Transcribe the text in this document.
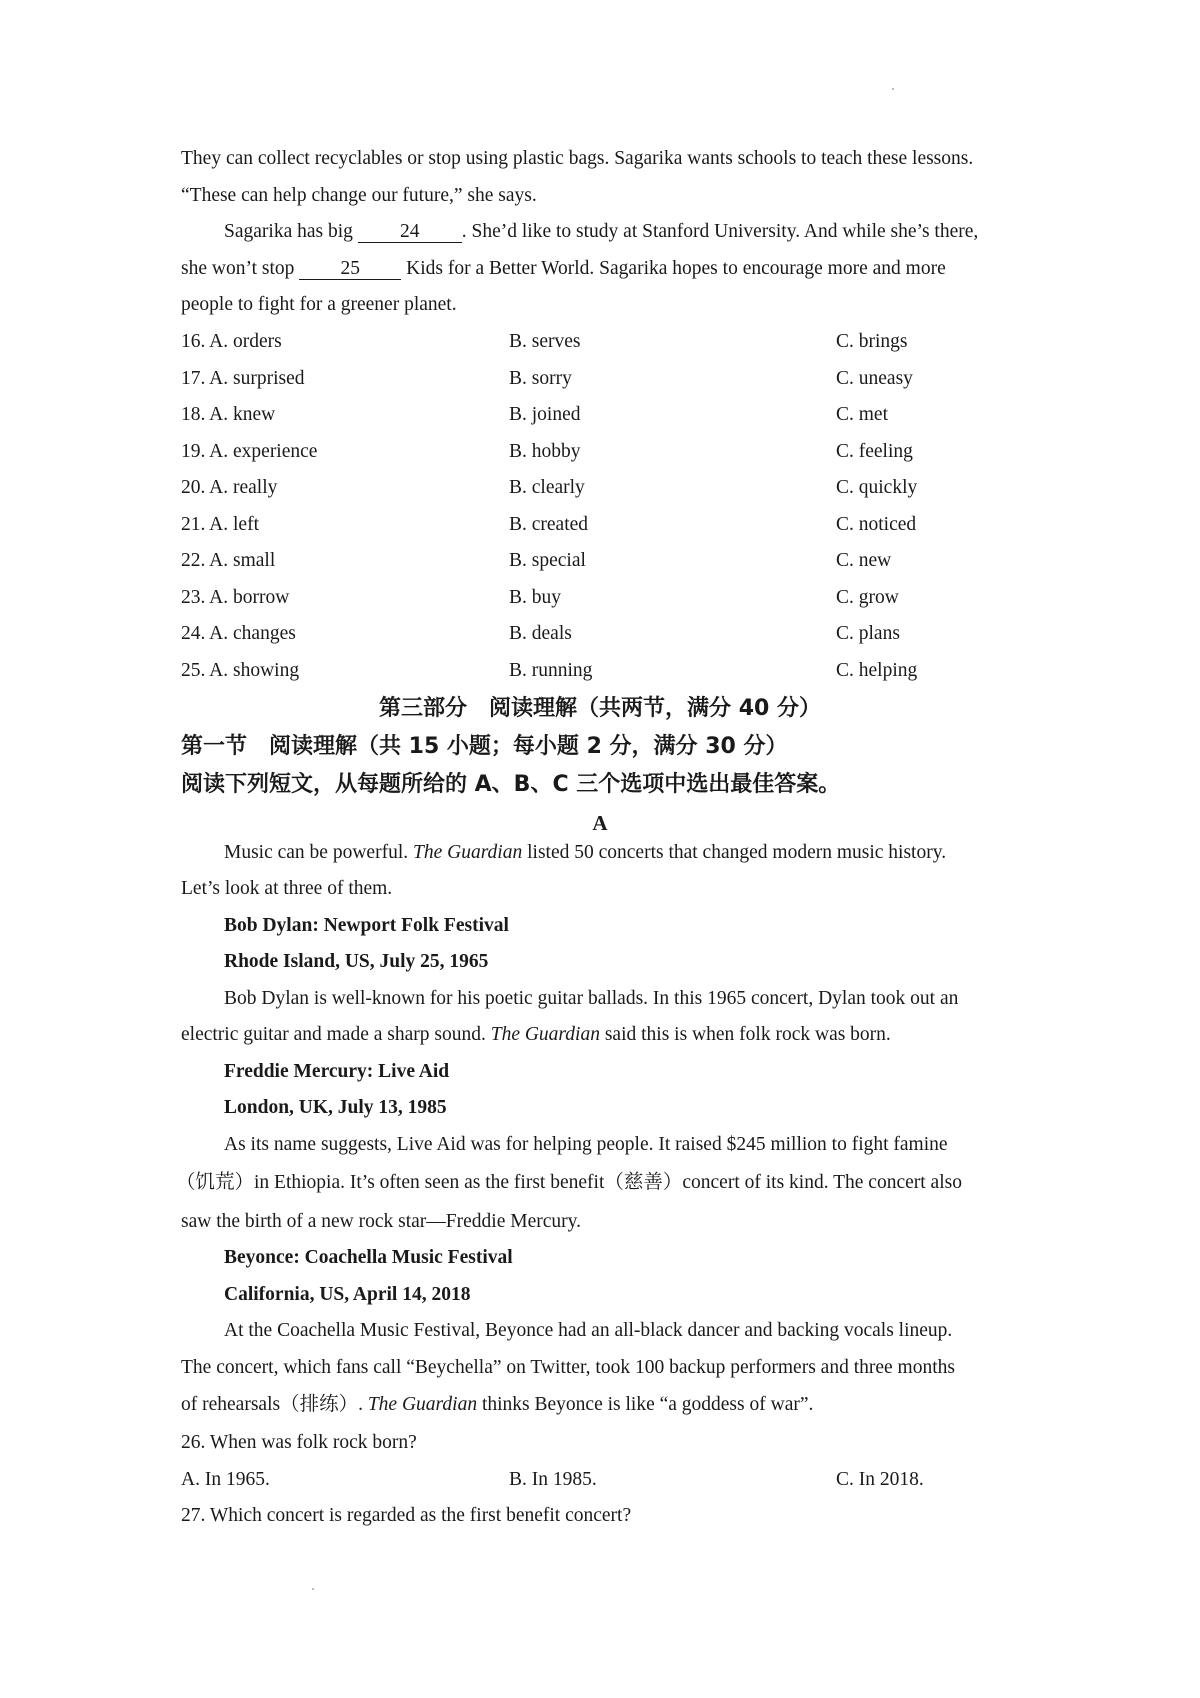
They can collect recyclables or stop using plastic bags. Sagarika wants schools to teach these lessons.
“These can help change our future,” she says.
Sagarika has big 24 . She’d like to study at Stanford University. And while she’s there,
she won’t stop 25 Kids for a Better World. Sagarika hopes to encourage more and more
people to fight for a greener planet.
16. A. orders	B. serves	C. brings
17. A. surprised	B. sorry	C. uneasy
18. A. knew	B. joined	C. met
19. A. experience	B. hobby	C. feeling
20. A. really	B. clearly	C. quickly
21. A. left	B. created	C. noticed
22. A. small	B. special	C. new
23. A. borrow	B. buy	C. grow
24. A. changes	B. deals	C. plans
25. A. showing	B. running	C. helping
第三部分　阅读理解（共两节，满分 40 分）
第一节　阅读理解（共 15 小题；每小题 2 分，满分 30 分）
阅读下列短文，从每题所给的 A、B、C 三个选项中选出最佳答案。
A
Music can be powerful. The Guardian listed 50 concerts that changed modern music history.
Let’s look at three of them.
Bob Dylan: Newport Folk Festival
Rhode Island, US, July 25, 1965
Bob Dylan is well-known for his poetic guitar ballads. In this 1965 concert, Dylan took out an
electric guitar and made a sharp sound. The Guardian said this is when folk rock was born.
Freddie Mercury: Live Aid
London, UK, July 13, 1985
As its name suggests, Live Aid was for helping people. It raised $245 million to fight famine
（饥荒）in Ethiopia. It’s often seen as the first benefit（慈善）concert of its kind. The concert also
saw the birth of a new rock star—Freddie Mercury.
Beyonce: Coachella Music Festival
California, US, April 14, 2018
At the Coachella Music Festival, Beyonce had an all-black dancer and backing vocals lineup.
The concert, which fans call “Beychella” on Twitter, took 100 backup performers and three months
of rehearsals（排练）. The Guardian thinks Beyonce is like “a goddess of war”.
26. When was folk rock born?
A. In 1965.	B. In 1985.	C. In 2018.
27. Which concert is regarded as the first benefit concert?
